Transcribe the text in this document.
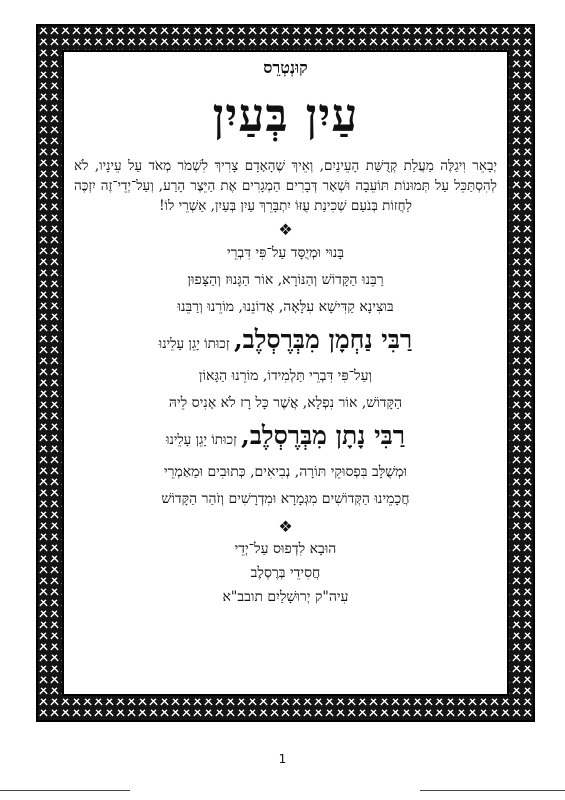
קוּנְטְרֵס
עַיִן בְּעַיִן
יְבָאֵר וִיגַלֶּה מַעֲלַת קְדֻשַּׁת הָעֵינַיִם, וְאֵיךְ שֶׁהָאָדָם צָרִיךְ לִשְׁמֹר מְאֹד עַל עֵינָיו, לֹא לְהִסְתַּכֵּל עַל תְּמוּנוֹת תּוֹעֵבָה וּשְׁאָר דְּבָרִים הַמְגָרִים אֶת הַיֵּצֶר הָרַע, וְעַל־יְדֵי־זֶה יִזְכֶּה לַחֲזוֹת בְּנֹעַם שְׁכִינַת עֻזּוֹ יִתְבָּרֵךְ עַיִן בְּעַיִן, אַשְׁרֵי לוֹ!
❖
בָּנוּי וּמְיֻסָּד עַל־פִּי דִּבְרֵי
רַבֵּנוּ הַקָּדוֹשׁ וְהַנּוֹרָא, אוֹר הַגָּנוּז וְהַצָּפוּן
בּוּצִינָא קַדִּישָׁא עִלָּאָה, אֲדוֹנֵנוּ, מוֹרֵנוּ וְרַבֵּנוּ
רַבִּי נַחְמָן מִבְּרֶסְלֶב, זְכוּתוֹ יָגֵן עָלֵינוּ
וְעַל־פִּי דִּבְרֵי תַּלְמִידוֹ, מוֹרֵנוּ הַגָּאוֹן
הַקָּדוֹשׁ, אוֹר נִפְלָא, אֲשֶׁר כָּל רָז לֹא אָנִיס לֵיהּ
רַבִּי נָתָן מִבְּרֶסְלֶב, זְכוּתוֹ יָגֵן עָלֵינוּ
וּמְשֻׁלָּב בִּפְסוּקֵי תּוֹרָה, נְבִיאִים, כְּתוּבִים וּמַאַמְרֵי
חֲכָמֵינוּ הַקְּדוֹשִׁים מִגְּמָרָא וּמִדְרָשִׁים וְזֹהַר הַקָּדוֹשׁ
❖
הוּבָא לִדְפוּס עַל־יְדֵי
חֲסִידֵי בְּרֶסְלֶב
עִיה"ק יְרוּשָׁלַיִם תובב"א
1
